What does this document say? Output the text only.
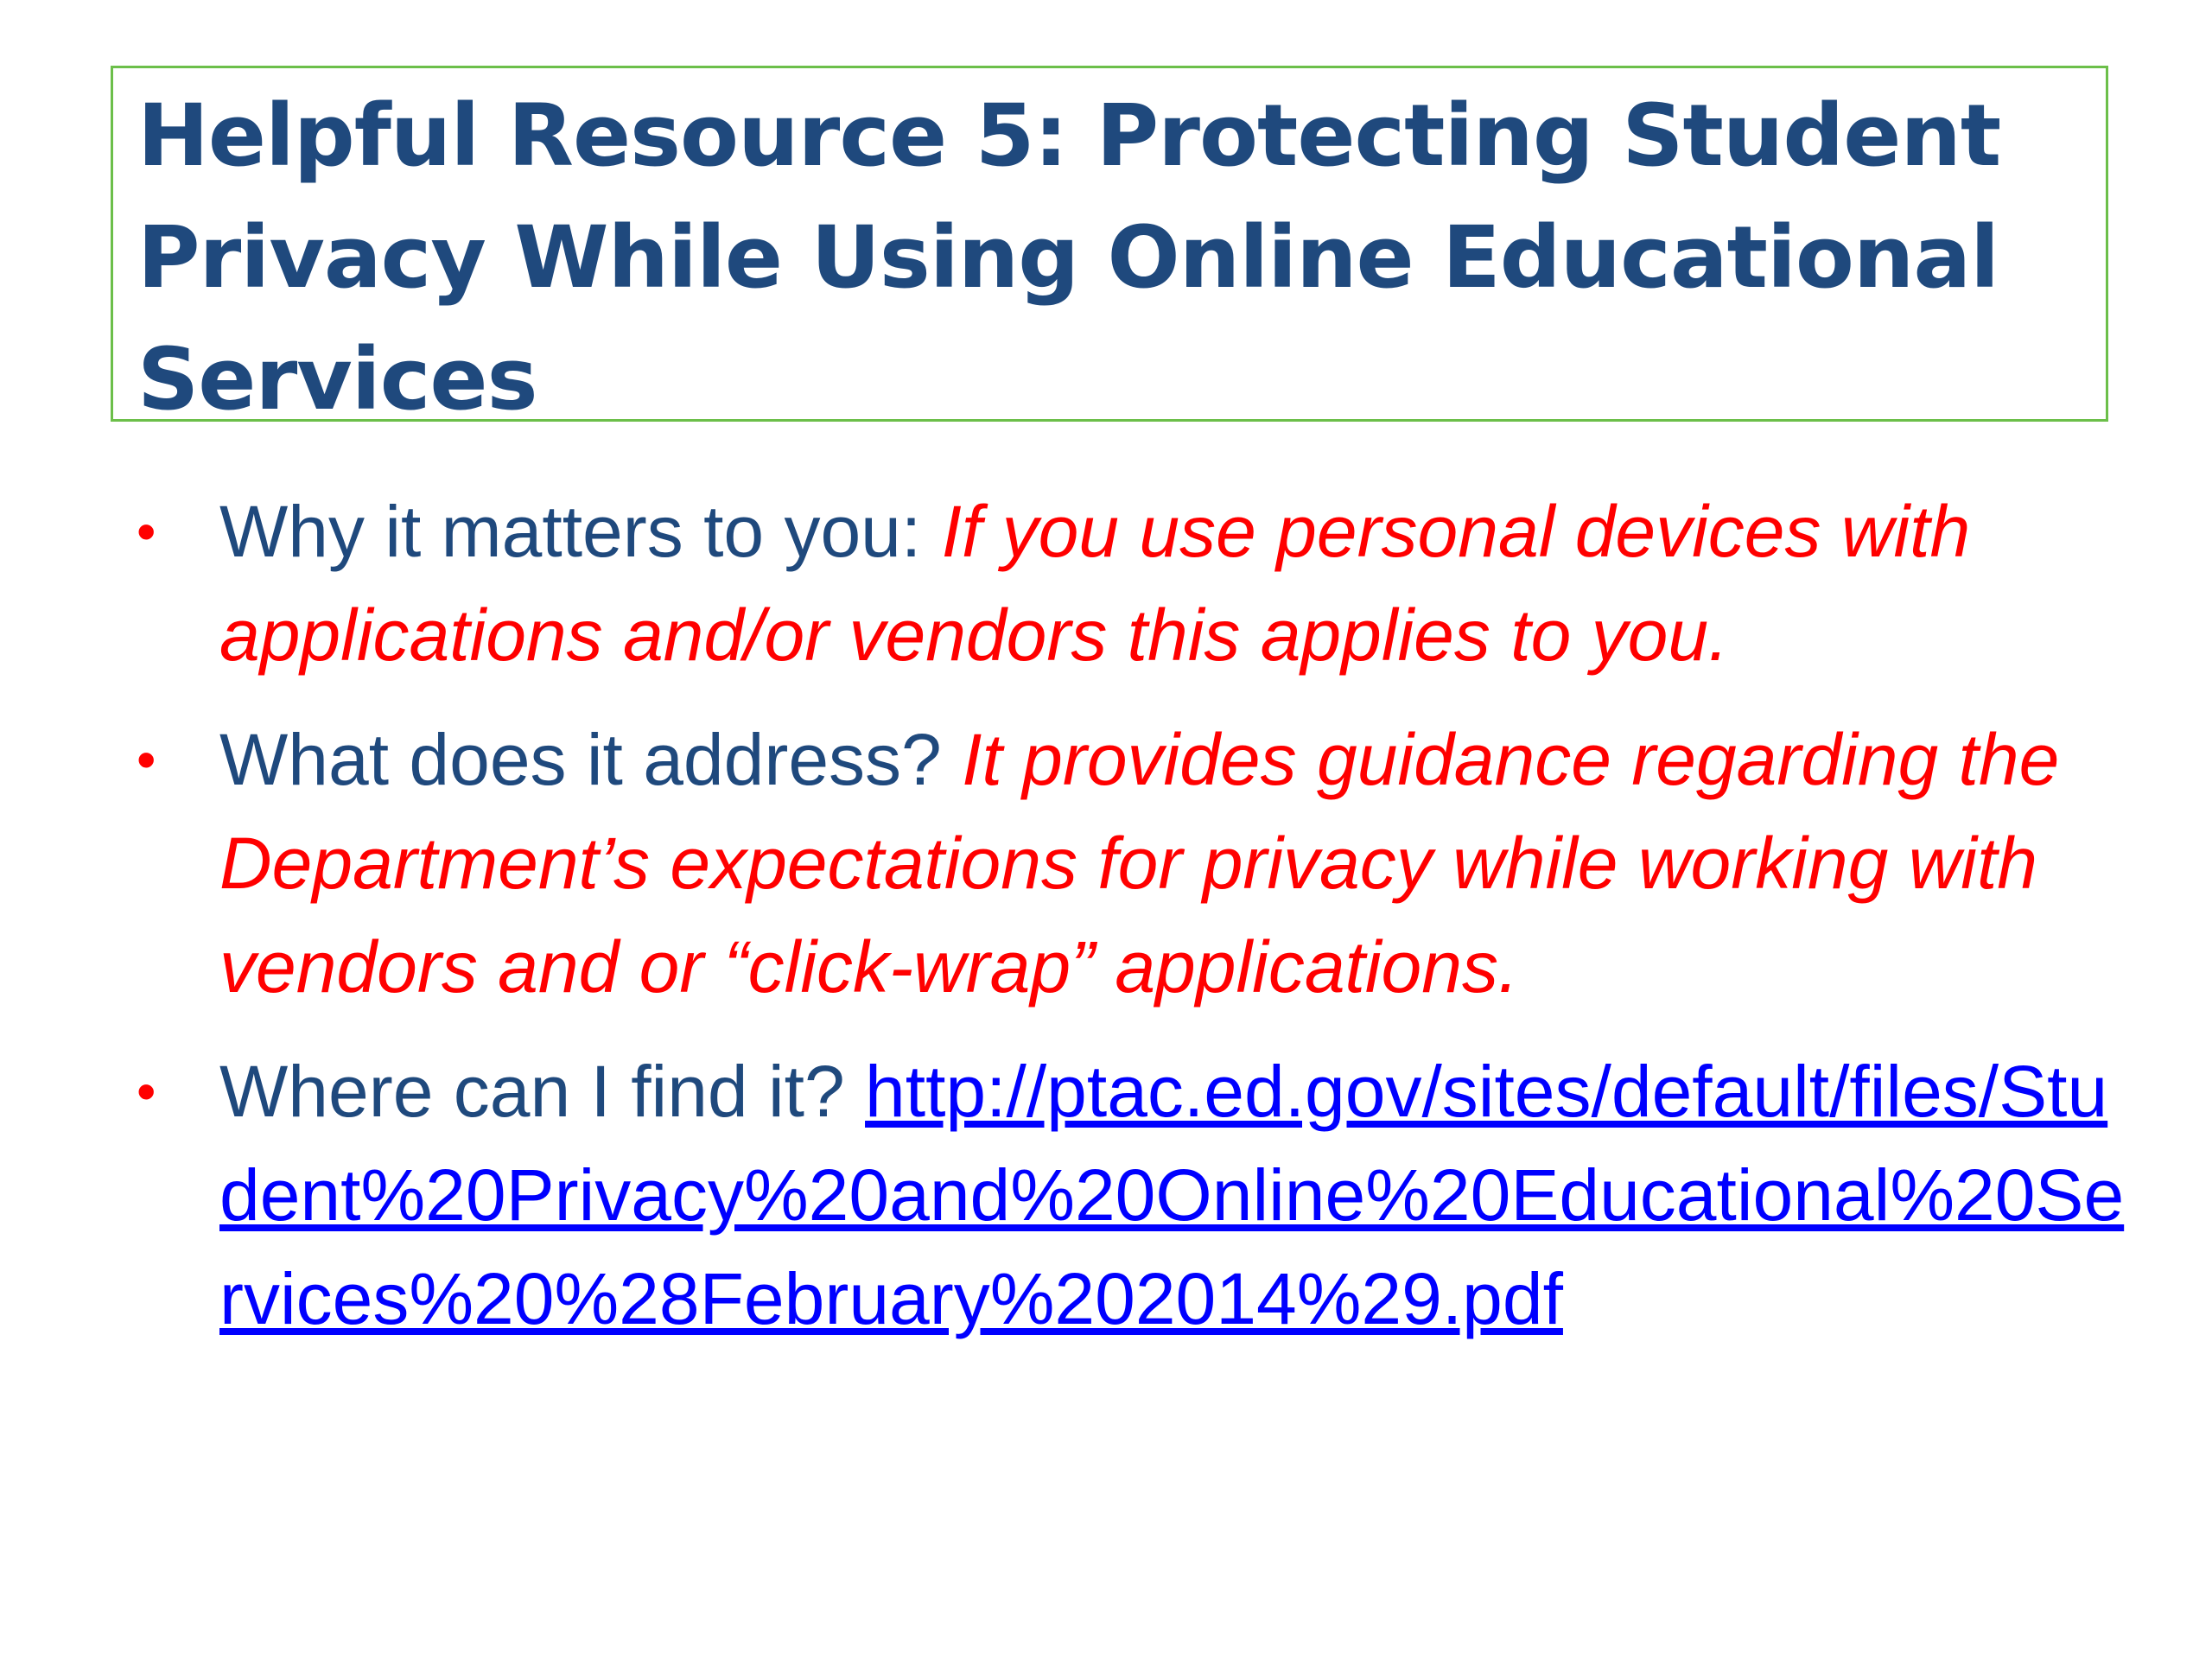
Helpful Resource 5: Protecting Student Privacy While Using Online Educational Services
• Why it matters to you: If you use personal devices with applications and/or vendors this applies to you.
• What does it address? It provides guidance regarding the Department’s expectations for privacy while working with vendors and or “click-wrap” applications.
• Where can I find it? http://ptac.ed.gov/sites/default/files/Student%20Privacy%20and%20Online%20Educational%20Services%20%28February%202014%29.pdf
